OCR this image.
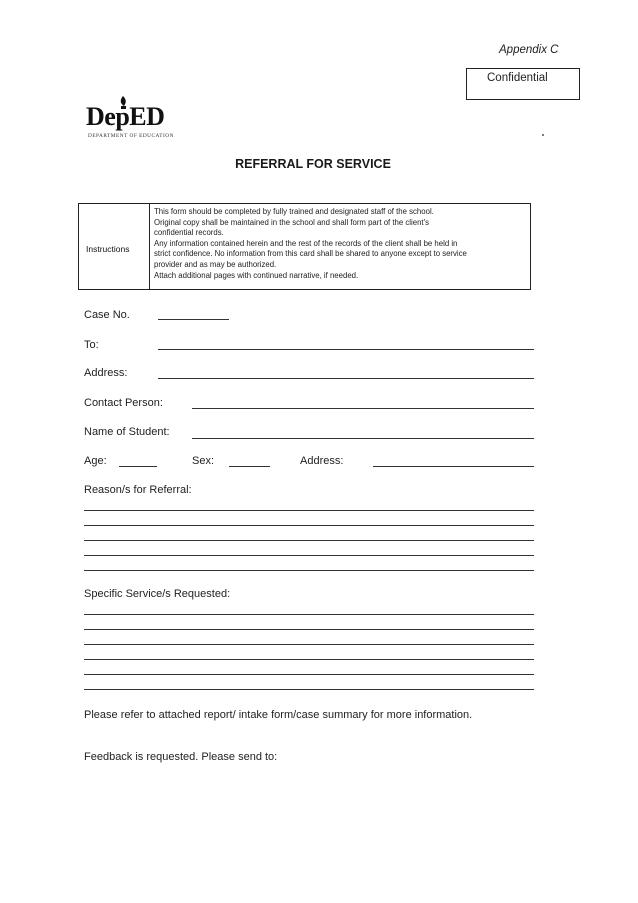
Appendix C
Confidential
DepED
DEPARTMENT OF EDUCATION
REFERRAL FOR SERVICE
Instructions
This form should be completed by fully trained and designated staff of the school.
Original copy shall be maintained in the school and shall form part of the client's
confidential records.
Any information contained herein and the rest of the records of the client shall be held in
strict confidence. No information from this card shall be shared to anyone except to service
provider and as may be authorized.
Attach additional pages with continued narrative, if needed.
Case No.
To:
Address:
Contact Person:
Name of Student:
Age:	Sex:	Address:
Reason/s for Referral:
Specific Service/s Requested:
Please refer to attached report/ intake form/case summary for more information.
Feedback is requested. Please send to:
